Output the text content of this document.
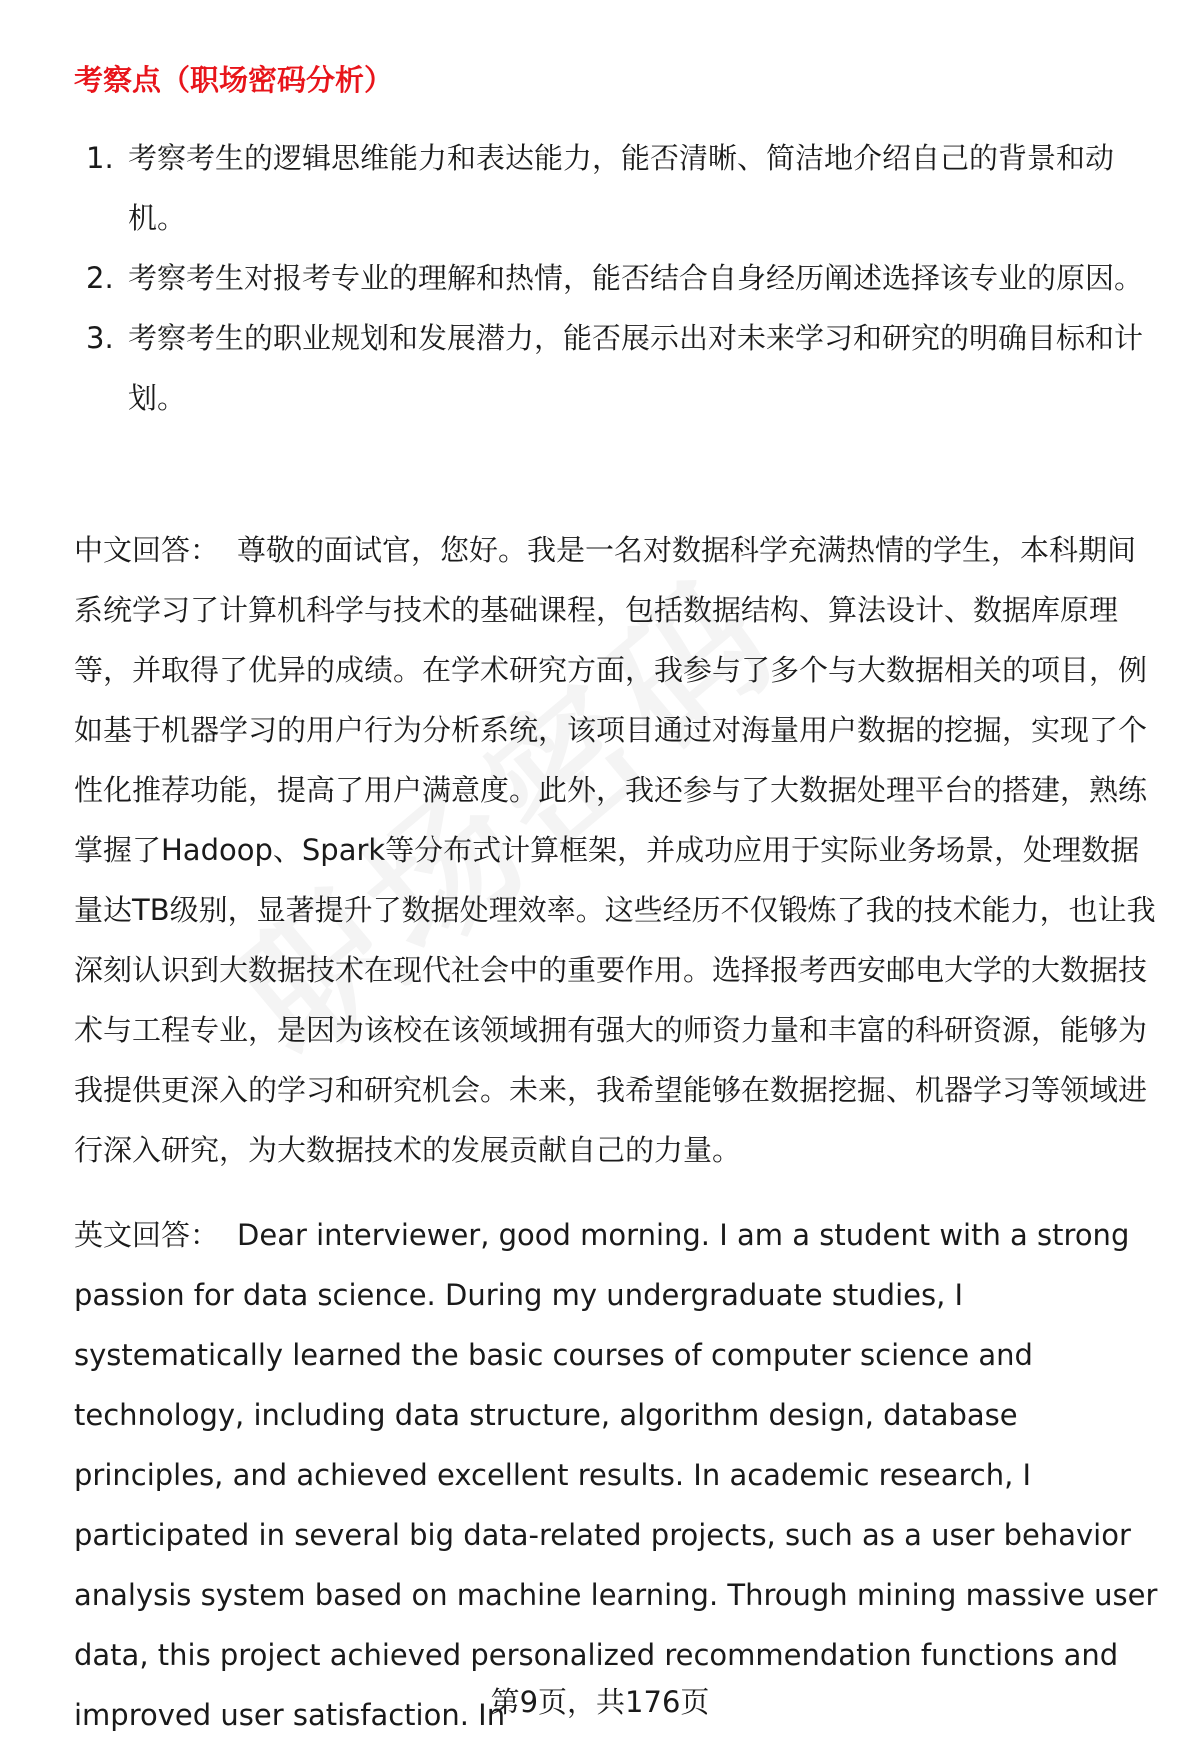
考察点（职场密码分析）
1. 考察考生的逻辑思维能力和表达能力，能否清晰、简洁地介绍自己的背景和动机。
2. 考察考生对报考专业的理解和热情，能否结合自身经历阐述选择该专业的原因。
3. 考察考生的职业规划和发展潜力，能否展示出对未来学习和研究的明确目标和计划。

中文回答： 尊敬的面试官，您好。我是一名对数据科学充满热情的学生，本科期间系统学习了计算机科学与技术的基础课程，包括数据结构、算法设计、数据库原理等，并取得了优异的成绩。在学术研究方面，我参与了多个与大数据相关的项目，例如基于机器学习的用户行为分析系统，该项目通过对海量用户数据的挖掘，实现了个性化推荐功能，提高了用户满意度。此外，我还参与了大数据处理平台的搭建，熟练掌握了Hadoop、Spark等分布式计算框架，并成功应用于实际业务场景，处理数据量达TB级别，显著提升了数据处理效率。这些经历不仅锻炼了我的技术能力，也让我深刻认识到大数据技术在现代社会中的重要作用。选择报考西安邮电大学的大数据技术与工程专业，是因为该校在该领域拥有强大的师资力量和丰富的科研资源，能够为我提供更深入的学习和研究机会。未来，我希望能够在数据挖掘、机器学习等领域进行深入研究，为大数据技术的发展贡献自己的力量。

英文回答： Dear interviewer, good morning. I am a student with a strong passion for data science. During my undergraduate studies, I systematically learned the basic courses of computer science and technology, including data structure, algorithm design, database principles, and achieved excellent results. In academic research, I participated in several big data-related projects, such as a user behavior analysis system based on machine learning. Through mining massive user data, this project achieved personalized recommendation functions and improved user satisfaction. In

第9页，共176页
